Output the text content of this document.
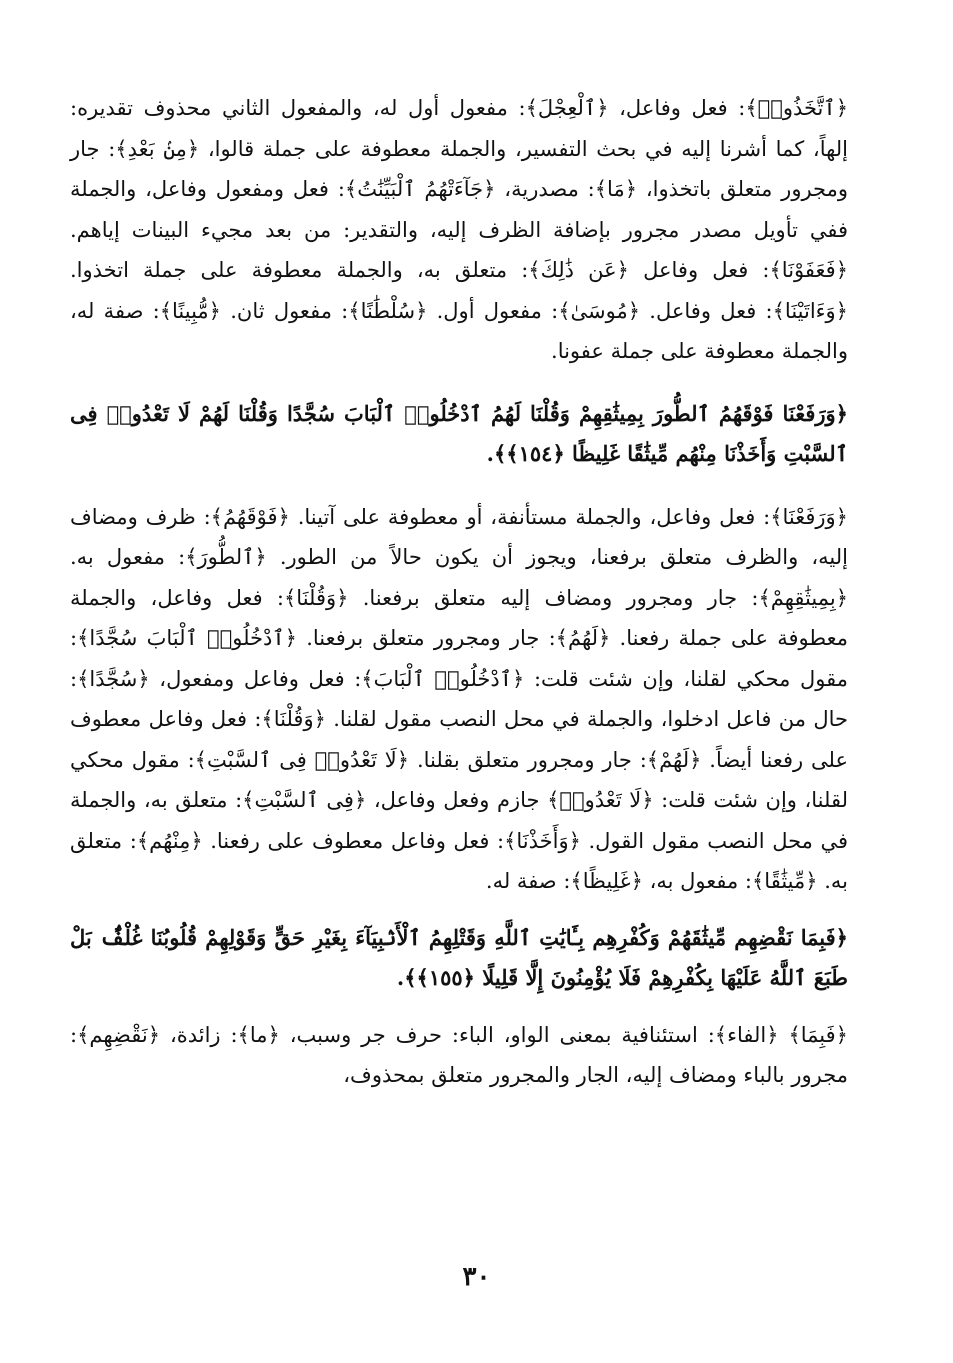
﴿ٱتَّخَذُوا۟﴾: فعل وفاعل، ﴿ٱلْعِجْلَ﴾: مفعول أول له، والمفعول الثاني محذوف تقديره: إلهاً، كما أشرنا إليه في بحث التفسير، والجملة معطوفة على جملة قالوا، ﴿مِنۢ بَعْدِ﴾: جار ومجرور متعلق باتخذوا، ﴿مَا﴾: مصدرية، ﴿جَآءَتْهُمُ ٱلْبَيِّنَٰتُ﴾: فعل ومفعول وفاعل، والجملة ففي تأويل مصدر مجرور بإضافة الظرف إليه، والتقدير: من بعد مجيء البينات إياهم. ﴿فَعَفَوْنَا﴾: فعل وفاعل ﴿عَن ذَٰلِكَ﴾: متعلق به، والجملة معطوفة على جملة اتخذوا. ﴿وَءَاتَيْنَا﴾: فعل وفاعل. ﴿مُوسَىٰ﴾: مفعول أول. ﴿سُلْطَٰنًا﴾: مفعول ثان. ﴿مُّبِينًا﴾: صفة له، والجملة معطوفة على جملة عفونا.

﴿وَرَفَعْنَا فَوْقَهُمُ ٱلطُّورَ بِمِيثَٰقِهِمْ وَقُلْنَا لَهُمُ ٱدْخُلُوا۟ ٱلْبَابَ سُجَّدًا وَقُلْنَا لَهُمْ لَا تَعْدُوا۟ فِى ٱلسَّبْتِ وَأَخَذْنَا مِنْهُم مِّيثَٰقًا غَلِيظًا ﴿١٥٤﴾﴾.

﴿وَرَفَعْنَا﴾: فعل وفاعل، والجملة مستأنفة، أو معطوفة على آتينا. ﴿فَوْقَهُمُ﴾: ظرف ومضاف إليه، والظرف متعلق برفعنا، ويجوز أن يكون حالاً من الطور. ﴿ٱلطُّورَ﴾: مفعول به. ﴿بِمِيثَٰقِهِمْ﴾: جار ومجرور ومضاف إليه متعلق برفعنا. ﴿وَقُلْنَا﴾: فعل وفاعل، والجملة معطوفة على جملة رفعنا. ﴿لَهُمُ﴾: جار ومجرور متعلق برفعنا. ﴿ٱدْخُلُوا۟ ٱلْبَابَ سُجَّدًا﴾: مقول محكي لقلنا، وإن شئت قلت: ﴿ٱدْخُلُوا۟ ٱلْبَابَ﴾: فعل وفاعل ومفعول، ﴿سُجَّدًا﴾: حال من فاعل ادخلوا، والجملة في محل النصب مقول لقلنا. ﴿وَقُلْنَا﴾: فعل وفاعل معطوف على رفعنا أيضاً. ﴿لَهُمْ﴾: جار ومجرور متعلق بقلنا. ﴿لَا تَعْدُوا۟ فِى ٱلسَّبْتِ﴾: مقول محكي لقلنا، وإن شئت قلت: ﴿لَا تَعْدُوا۟﴾ جازم وفعل وفاعل، ﴿فِى ٱلسَّبْتِ﴾: متعلق به، والجملة في محل النصب مقول القول. ﴿وَأَخَذْنَا﴾: فعل وفاعل معطوف على رفعنا. ﴿مِنْهُم﴾: متعلق به. ﴿مِّيثَٰقًا﴾: مفعول به، ﴿غَلِيظًا﴾: صفة له.

﴿فَبِمَا نَقْضِهِم مِّيثَٰقَهُمْ وَكُفْرِهِم بِـَٔايَٰتِ ٱللَّهِ وَقَتْلِهِمُ ٱلْأَنۢبِيَآءَ بِغَيْرِ حَقٍّ وَقَوْلِهِمْ قُلُوبُنَا غُلْفٌۢ بَلْ طَبَعَ ٱللَّهُ عَلَيْهَا بِكُفْرِهِمْ فَلَا يُؤْمِنُونَ إِلَّا قَلِيلًا ﴿١٥٥﴾﴾.

﴿فَبِمَا﴾ ﴿الفاء﴾: استئنافية بمعنى الواو، الباء: حرف جر وسبب، ﴿ما﴾: زائدة، ﴿نَقْضِهِم﴾: مجرور بالباء ومضاف إليه، الجار والمجرور متعلق بمحذوف،

٣٠
